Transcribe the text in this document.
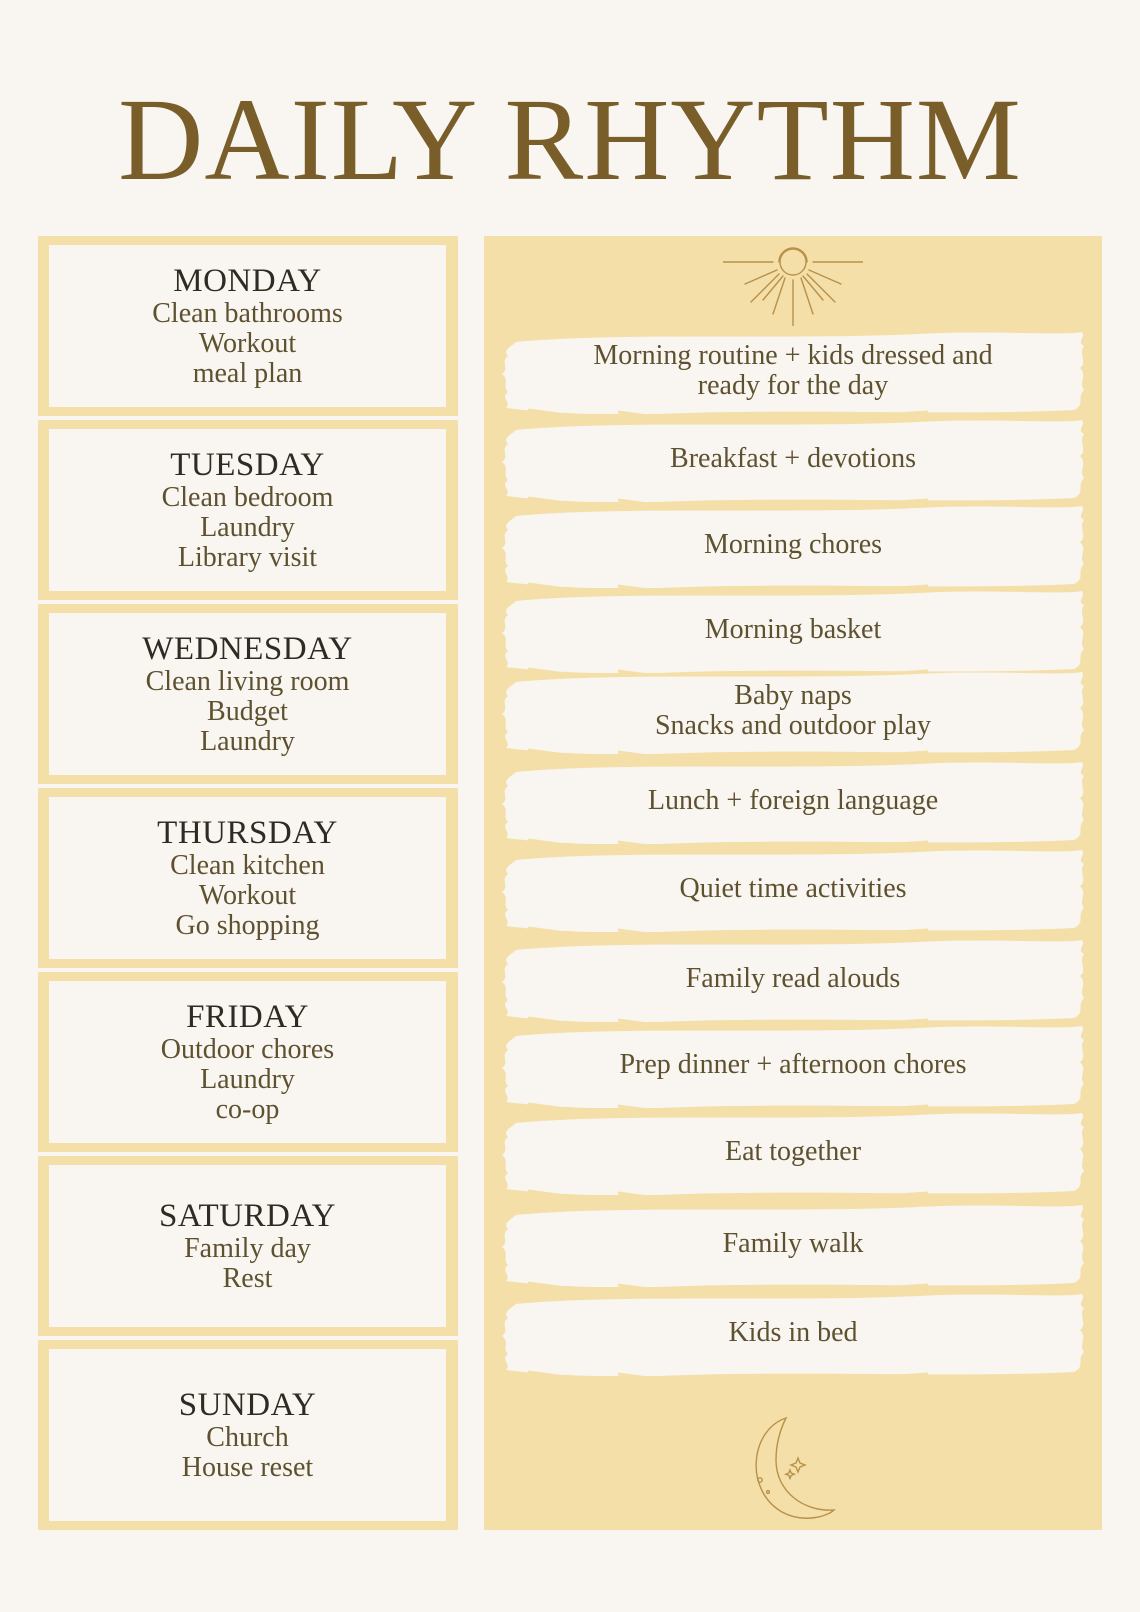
DAILY RHYTHM
MONDAY
Clean bathrooms
Workout
meal plan
TUESDAY
Clean bedroom
Laundry
Library visit
WEDNESDAY
Clean living room
Budget
Laundry
THURSDAY
Clean kitchen
Workout
Go shopping
FRIDAY
Outdoor chores
Laundry
co-op
SATURDAY
Family day
Rest
SUNDAY
Church
House reset
Morning routine + kids dressed and
ready for the day
Breakfast + devotions
Morning chores
Morning basket
Baby naps
Snacks and outdoor play
Lunch + foreign language
Quiet time activities
Family read alouds
Prep dinner + afternoon chores
Eat together
Family walk
Kids in bed
